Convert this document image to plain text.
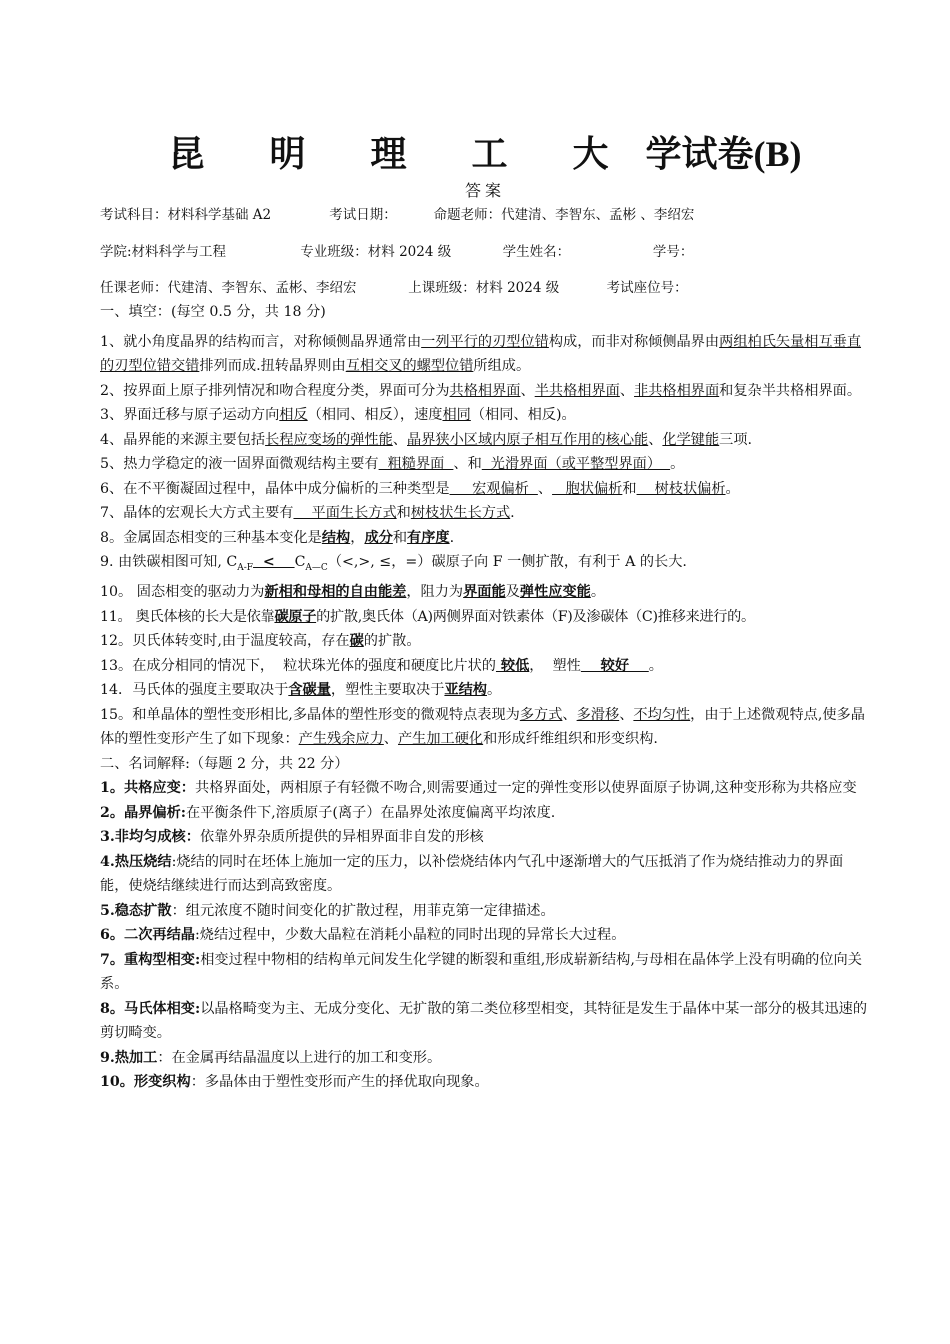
昆 明 理 工 大 学试卷(B)
答案
考试科目：材料科学基础 A2	考试日期：	命题老师：代建清、李智东、孟彬 、李绍宏
学院:材料科学与工程	专业班级：材料 2024 级	学生姓名：	学号：
任课老师：代建清、李智东、孟彬、李绍宏	上课班级：材料 2024 级	考试座位号：

一、填空：(每空 0.5 分，共 18 分)

1、就小角度晶界的结构而言，对称倾侧晶界通常由一列平行的刃型位错构成，而非对称倾侧晶界由两组柏氏矢量相互垂直的刃型位错交错排列而成.扭转晶界则由互相交叉的螺型位错所组成。

2、按界面上原子排列情况和吻合程度分类，界面可分为共格相界面、半共格相界面、非共格相界面和复杂半共格相界面。

3、界面迁移与原子运动方向相反（相同、相反），速度相同（相同、相反)。

4、晶界能的来源主要包括长程应变场的弹性能、晶界狭小区域内原子相互作用的核心能、化学键能三项.

5、热力学稳定的液一固界面微观结构主要有  粗糙界面  、和  光滑界面（或平整型界面）  。

6、在不平衡凝固过程中，晶体中成分偏析的三种类型是     宏观偏析  、   胞状偏析和    树枝状偏析。

7、晶体的宏观长大方式主要有    平面生长方式和树枝状生长方式.

8。金属固态相变的三种基本变化是结构，成分和有序度.

9. 由铁碳相图可知, $C_{A-F}$  <    $C_{A—C}(<,>$, ≤，=）碳原子向 F 一侧扩散，有利于 A 的长大.

10。 固态相变的驱动力为新相和母相的自由能差，阻力为界面能及弹性应变能。

11。 奥氏体核的长大是依靠碳原子的扩散,奥氏体（A)两侧界面对铁素体（F)及渗碳体（C)推移来进行的。

12。贝氏体转变时,由于温度较高，存在碳的扩散。

13。在成分相同的情况下，  粒状珠光体的强度和硬度比片状的 较低，  塑性    较好    。

14．马氏体的强度主要取决于含碳量，塑性主要取决于亚结构。

15。和单晶体的塑性变形相比,多晶体的塑性形变的微观特点表现为多方式、多滑移、不均匀性，由于上述微观特点,使多晶体的塑性变形产生了如下现象：产生残余应力、产生加工硬化和形成纤维组织和形变织构.

二、名词解释:（每题 2 分，共 22 分）

1。共格应变：共格界面处，两相原子有轻微不吻合,则需要通过一定的弹性变形以使界面原子协调,这种变形称为共格应变

2。晶界偏析:在平衡条件下,溶质原子(离子）在晶界处浓度偏离平均浓度.

3.非均匀成核：依靠外界杂质所提供的异相界面非自发的形核

4.热压烧结:烧结的同时在坯体上施加一定的压力，以补偿烧结体内气孔中逐渐增大的气压抵消了作为烧结推动力的界面能，使烧结继续进行而达到高致密度。

5.稳态扩散：组元浓度不随时间变化的扩散过程，用菲克第一定律描述。

6。二次再结晶:烧结过程中，少数大晶粒在消耗小晶粒的同时出现的异常长大过程。

7。重构型相变:相变过程中物相的结构单元间发生化学键的断裂和重组,形成崭新结构,与母相在晶体学上没有明确的位向关系。

8。马氏体相变:以晶格畸变为主、无成分变化、无扩散的第二类位移型相变，其特征是发生于晶体中某一部分的极其迅速的剪切畸变。

9.热加工：在金属再结晶温度以上进行的加工和变形。

10。形变织构：多晶体由于塑性变形而产生的择优取向现象。
